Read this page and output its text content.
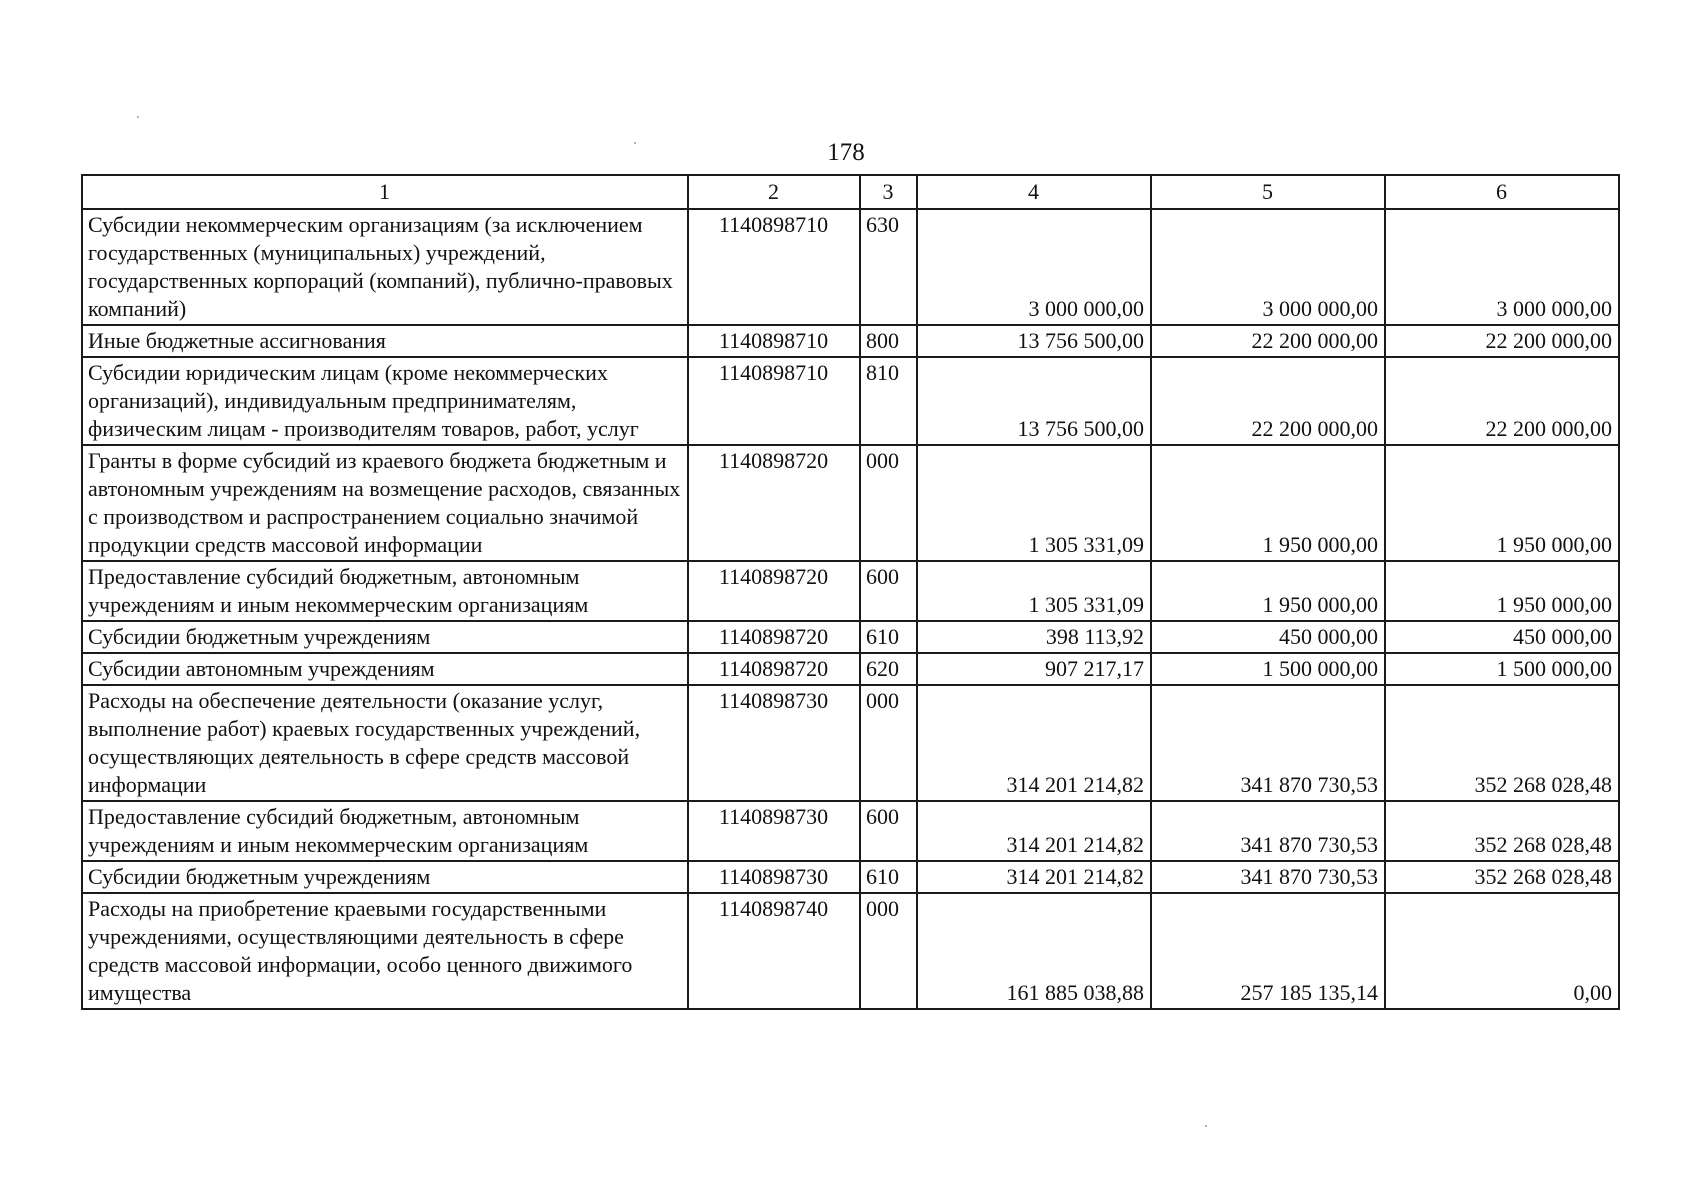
178
1	2	3	4	5	6
Субсидии некоммерческим организациям (за исключением государственных (муниципальных) учреждений, государственных корпораций (компаний), публично-правовых компаний)	1140898710	630	3 000 000,00	3 000 000,00	3 000 000,00
Иные бюджетные ассигнования	1140898710	800	13 756 500,00	22 200 000,00	22 200 000,00
Субсидии юридическим лицам (кроме некоммерческих организаций), индивидуальным предпринимателям, физическим лицам - производителям товаров, работ, услуг	1140898710	810	13 756 500,00	22 200 000,00	22 200 000,00
Гранты в форме субсидий из краевого бюджета бюджетным и автономным учреждениям на возмещение расходов, связанных с производством и распространением социально значимой продукции средств массовой информации	1140898720	000	1 305 331,09	1 950 000,00	1 950 000,00
Предоставление субсидий бюджетным, автономным учреждениям и иным некоммерческим организациям	1140898720	600	1 305 331,09	1 950 000,00	1 950 000,00
Субсидии бюджетным учреждениям	1140898720	610	398 113,92	450 000,00	450 000,00
Субсидии автономным учреждениям	1140898720	620	907 217,17	1 500 000,00	1 500 000,00
Расходы на обеспечение деятельности (оказание услуг, выполнение работ) краевых государственных учреждений, осуществляющих деятельность в сфере средств массовой информации	1140898730	000	314 201 214,82	341 870 730,53	352 268 028,48
Предоставление субсидий бюджетным, автономным учреждениям и иным некоммерческим организациям	1140898730	600	314 201 214,82	341 870 730,53	352 268 028,48
Субсидии бюджетным учреждениям	1140898730	610	314 201 214,82	341 870 730,53	352 268 028,48
Расходы на приобретение краевыми государственными учреждениями, осуществляющими деятельность в сфере средств массовой информации, особо ценного движимого имущества	1140898740	000	161 885 038,88	257 185 135,14	0,00
